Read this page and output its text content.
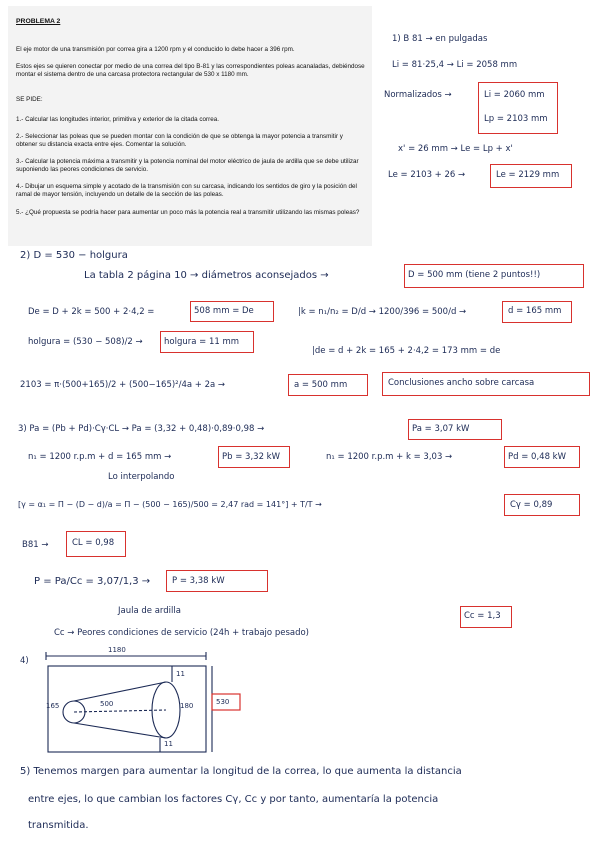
PROBLEMA 2
El eje motor de una transmisión por correa gira a 1200 rpm y el conducido lo debe hacer a 396 rpm.
Estos ejes se quieren conectar por medio de una correa del tipo B-81 y las correspondientes poleas acanaladas, debiéndose montar el sistema dentro de una carcasa protectora rectangular de 530 x 1180 mm.
SE PIDE:
1.- Calcular las longitudes interior, primitiva y exterior de la citada correa.
2.- Seleccionar las poleas que se pueden montar con la condición de que se obtenga la mayor potencia a transmitir y obtener su distancia exacta entre ejes. Comentar la solución.
3.- Calcular la potencia máxima a transmitir y la potencia nominal del motor eléctrico de jaula de ardilla que se debe utilizar suponiendo las peores condiciones de servicio.
4.- Dibujar un esquema simple y acotado de la transmisión con su carcasa, indicando los sentidos de giro y la posición del ramal de mayor tensión, incluyendo un detalle de la sección de las poleas.
5.- ¿Qué propuesta se podría hacer para aumentar un poco más la potencia real a transmitir utilizando las mismas poleas?
1) B 81 → en pulgadas
Li = 81·25,4 → Li = 2058 mm
Normalizados →	Li = 2060 mm
Lp = 2103 mm
x' = 26 mm → Le = Lp + x'
Le = 2103 + 26 →	Le = 2129 mm
2) D = 530 − holgura
La tabla 2 página 10 → diámetros aconsejados →	D = 500 mm (tiene 2 puntos!!)
De = D + 2k = 500 + 2·4,2 =	508 mm = De	|k = n₁/n₂ = D/d → 1200/396 = 500/d →	d = 165 mm
holgura = (530 − 508)/2 →	holgura = 11 mm
|de = d + 2k = 165 + 2·4,2 = 173 mm = de
2103 = π·(500+165)/2 + (500−165)²/4a + 2a →	a = 500 mm	Conclusiones ancho sobre carcasa
3) Pa = (Pb + Pd)·Cγ·CL → Pa = (3,32 + 0,48)·0,89·0,98 →	Pa = 3,07 kW
n₁ = 1200 r.p.m + d = 165 mm →	Pb = 3,32 kW	n₁ = 1200 r.p.m + k = 3,03 →	Pd = 0,48 kW
Lo interpolando
[γ = α₁ = Π − (D − d)/a = Π − (500 − 165)/500 = 2,47 rad = 141°] + T/T →	Cγ = 0,89
B81 →	CL = 0,98
P = Pa/Cc = 3,07/1,3 →	P = 3,38 kW
Jaula de ardilla
Cc → Peores condiciones de servicio (24h + trabajo pesado)
Cc = 1,3
4)
1180
530
500
165	180
11
11
5) Tenemos margen para aumentar la longitud de la correa, lo que aumenta la distancia
entre ejes, lo que cambian los factores Cγ, Cc y por tanto, aumentaría la potencia
transmitida.
